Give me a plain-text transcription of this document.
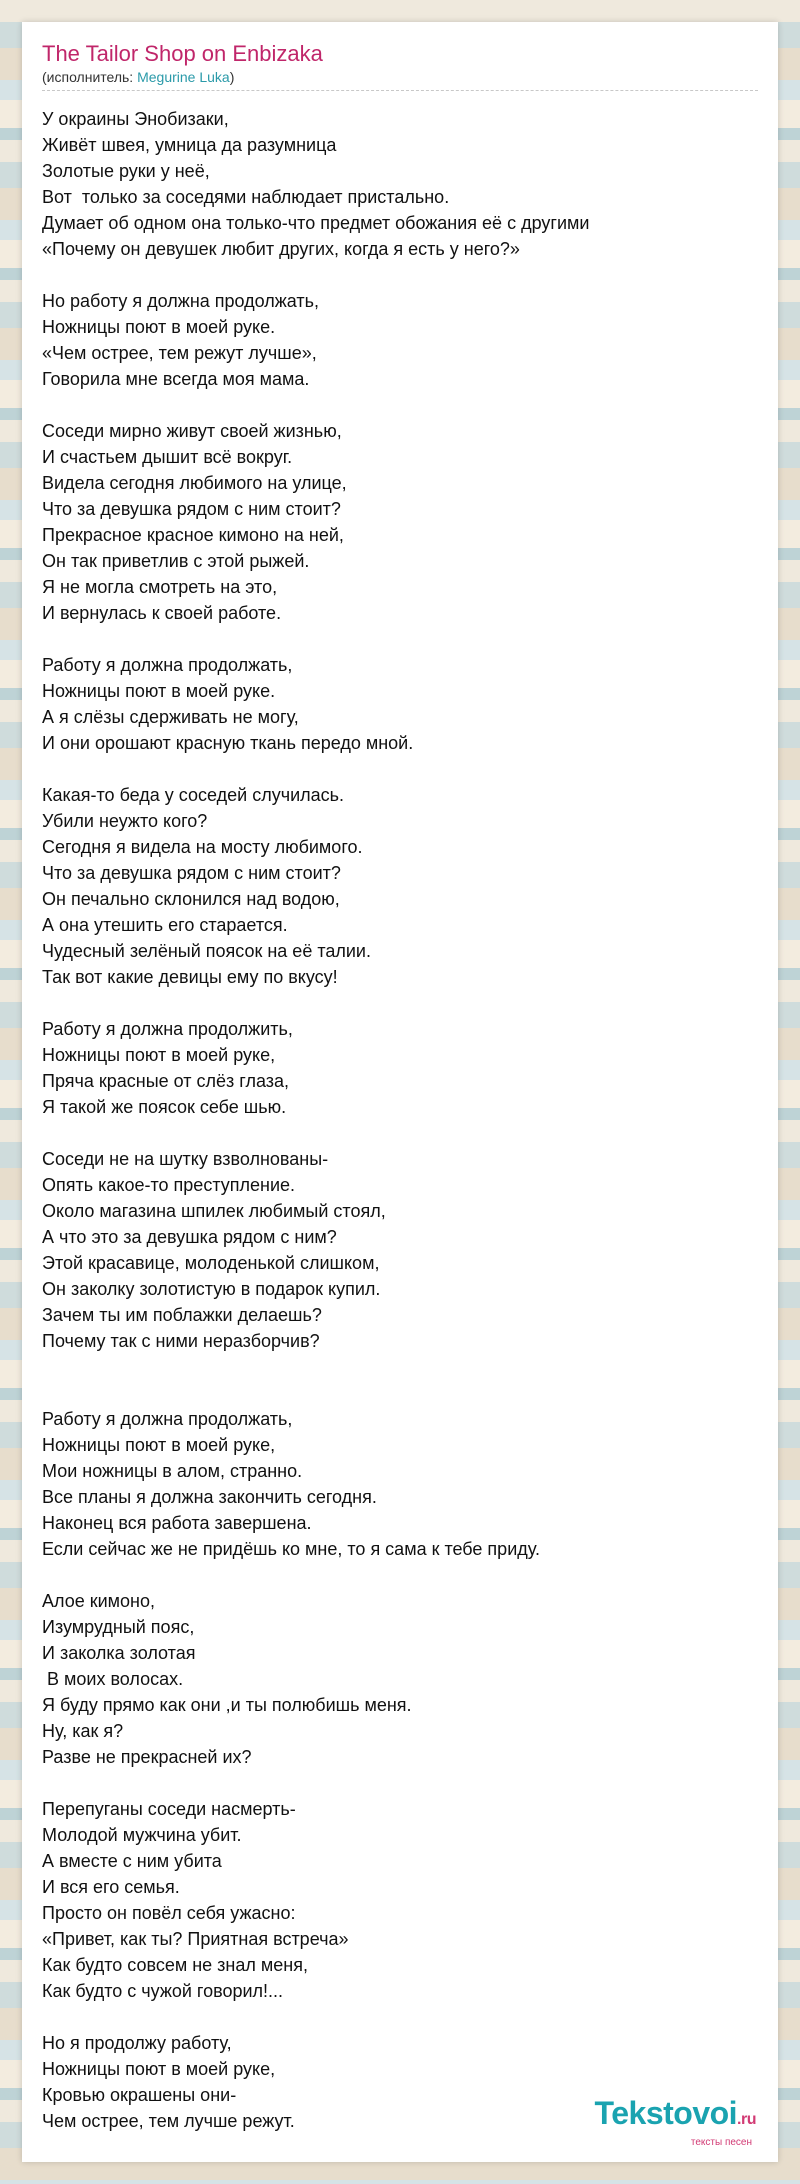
The Tailor Shop on Enbizaka

(исполнитель: Megurine Luka)

У окраины Энобизаки,
Живёт швея, умница да разумница
Золотые руки у неё,
Вот  только за соседями наблюдает пристально.
Думает об одном она только-что предмет обожания её с другими
«Почему он девушек любит других, когда я есть у него?»

Но работу я должна продолжать,
Ножницы поют в моей руке.
«Чем острее, тем режут лучше»,
Говорила мне всегда моя мама.

Соседи мирно живут своей жизнью,
И счастьем дышит всё вокруг.
Видела сегодня любимого на улице,
Что за девушка рядом с ним стоит?
Прекрасное красное кимоно на ней,
Он так приветлив с этой рыжей.
Я не могла смотреть на это,
И вернулась к своей работе.

Работу я должна продолжать,
Ножницы поют в моей руке.
А я слёзы сдерживать не могу,
И они орошают красную ткань передо мной.

Какая-то беда у соседей случилась.
Убили неужто кого?
Сегодня я видела на мосту любимого.
Что за девушка рядом с ним стоит?
Он печально склонился над водою,
А она утешить его старается.
Чудесный зелёный поясок на её талии.
Так вот какие девицы ему по вкусу!

Работу я должна продолжить,
Ножницы поют в моей руке,
Пряча красные от слёз глаза,
Я такой же поясок себе шью.

Соседи не на шутку взволнованы-
Опять какое-то преступление.
Около магазина шпилек любимый стоял,
А что это за девушка рядом с ним?
Этой красавице, молоденькой слишком,
Он заколку золотистую в подарок купил.
Зачем ты им поблажки делаешь?
Почему так с ними неразборчив?

Работу я должна продолжать,
Ножницы поют в моей руке,
Мои ножницы в алом, странно.
Все планы я должна закончить сегодня.
Наконец вся работа завершена.
Если сейчас же не придёшь ко мне, то я сама к тебе приду.

Алое кимоно,
Изумрудный пояс,
И заколка золотая
В моих волосах.
Я буду прямо как они ,и ты полюбишь меня.
Ну, как я?
Разве не прекрасней их?

Перепуганы соседи насмерть-
Молодой мужчина убит.
А вместе с ним убита
И вся его семья.
Просто он повёл себя ужасно:
«Привет, как ты? Приятная встреча»
Как будто совсем не знал меня,
Как будто с чужой говорил!...

Но я продолжу работу,
Ножницы поют в моей руке,
Кровью окрашены они-
Чем острее, тем лучше режут.	Tekstovoi.ru
тексты песен
